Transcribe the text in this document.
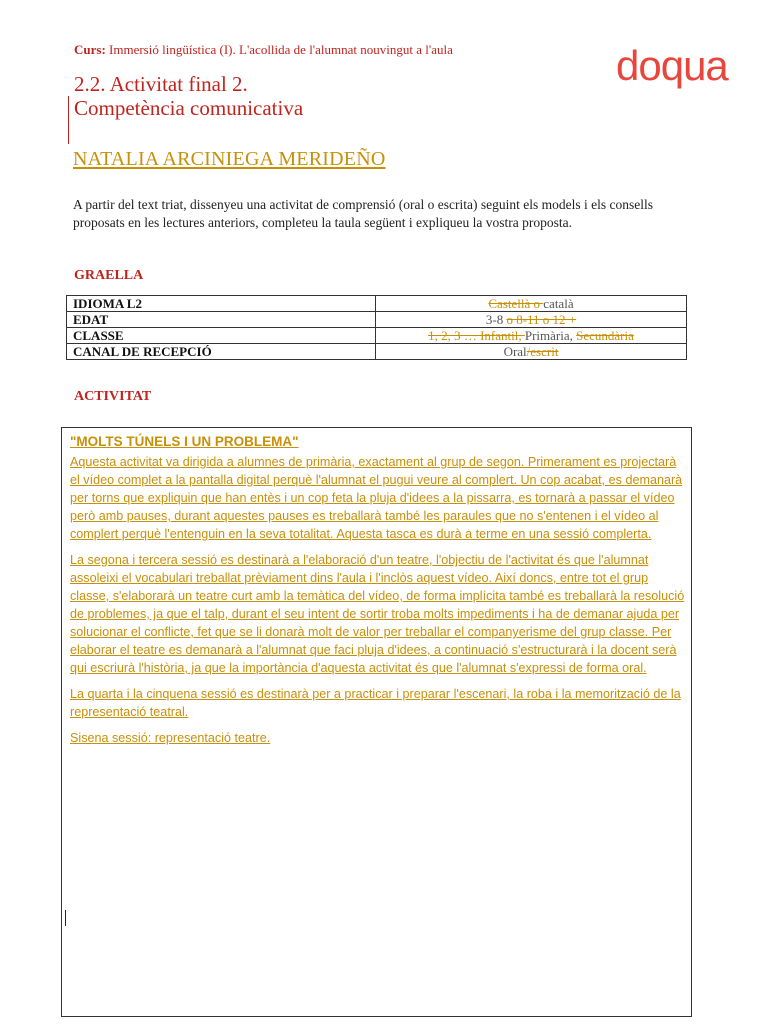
Curs: Immersió lingüística (I). L'acollida de l'alumnat nouvingut a l'aula	doqua
2.2. Activitat final 2.
Competència comunicativa
NATALIA ARCINIEGA MERIDEÑO
A partir del text triat, dissenyeu una activitat de comprensió (oral o escrita) seguint els models i els consells proposats en les lectures anteriors, completeu la taula següent i expliqueu la vostra proposta.
GRAELLA
IDIOMA L2	Castellà o català
EDAT	3-8 o 8-11 o 12 +
CLASSE	1, 2, 3 … Infantil, Primària, Secundària
CANAL DE RECEPCIÓ	Oral/escrit
ACTIVITAT

"MOLTS TÚNELS I UN PROBLEMA"

Aquesta activitat va dirigida a alumnes de primària, exactament al grup de segon. Primerament es projectarà el vídeo complet a la pantalla digital perquè l'alumnat el pugui veure al complert. Un cop acabat, es demanarà per torns que expliquin que han entès i un cop feta la pluja d'idees a la pissarra, es tornarà a passar el vídeo però amb pauses, durant aquestes pauses es treballarà també les paraules que no s'entenen i el vídeo al complert perquè l'entenguin en la seva totalitat. Aquesta tasca es durà a terme en una sessió complerta.

La segona i tercera sessió es destinarà a l'elaboració d'un teatre, l'objectiu de l'activitat és que l'alumnat assoleixi el vocabulari treballat prèviament dins l'aula i l'inclòs aquest vídeo. Així doncs, entre tot el grup classe, s'elaborarà un teatre curt amb la temàtica del vídeo, de forma implícita també es treballarà la resolució de problemes, ja que el talp, durant el seu intent de sortir troba molts impediments i ha de demanar ajuda per solucionar el conflicte, fet que se li donarà molt de valor per treballar el companyerisme del grup classe. Per elaborar el teatre es demanarà a l'alumnat que faci pluja d'idees, a continuació s'estructurarà i la docent serà qui escriurà l'història, ja que la importància d'aquesta activitat és que l'alumnat s'expressi de forma oral.

La quarta i la cinquena sessió es destinarà per a practicar i preparar l'escenari, la roba i la memorització de la representació teatral.

Sisena sessió: representació teatre.
